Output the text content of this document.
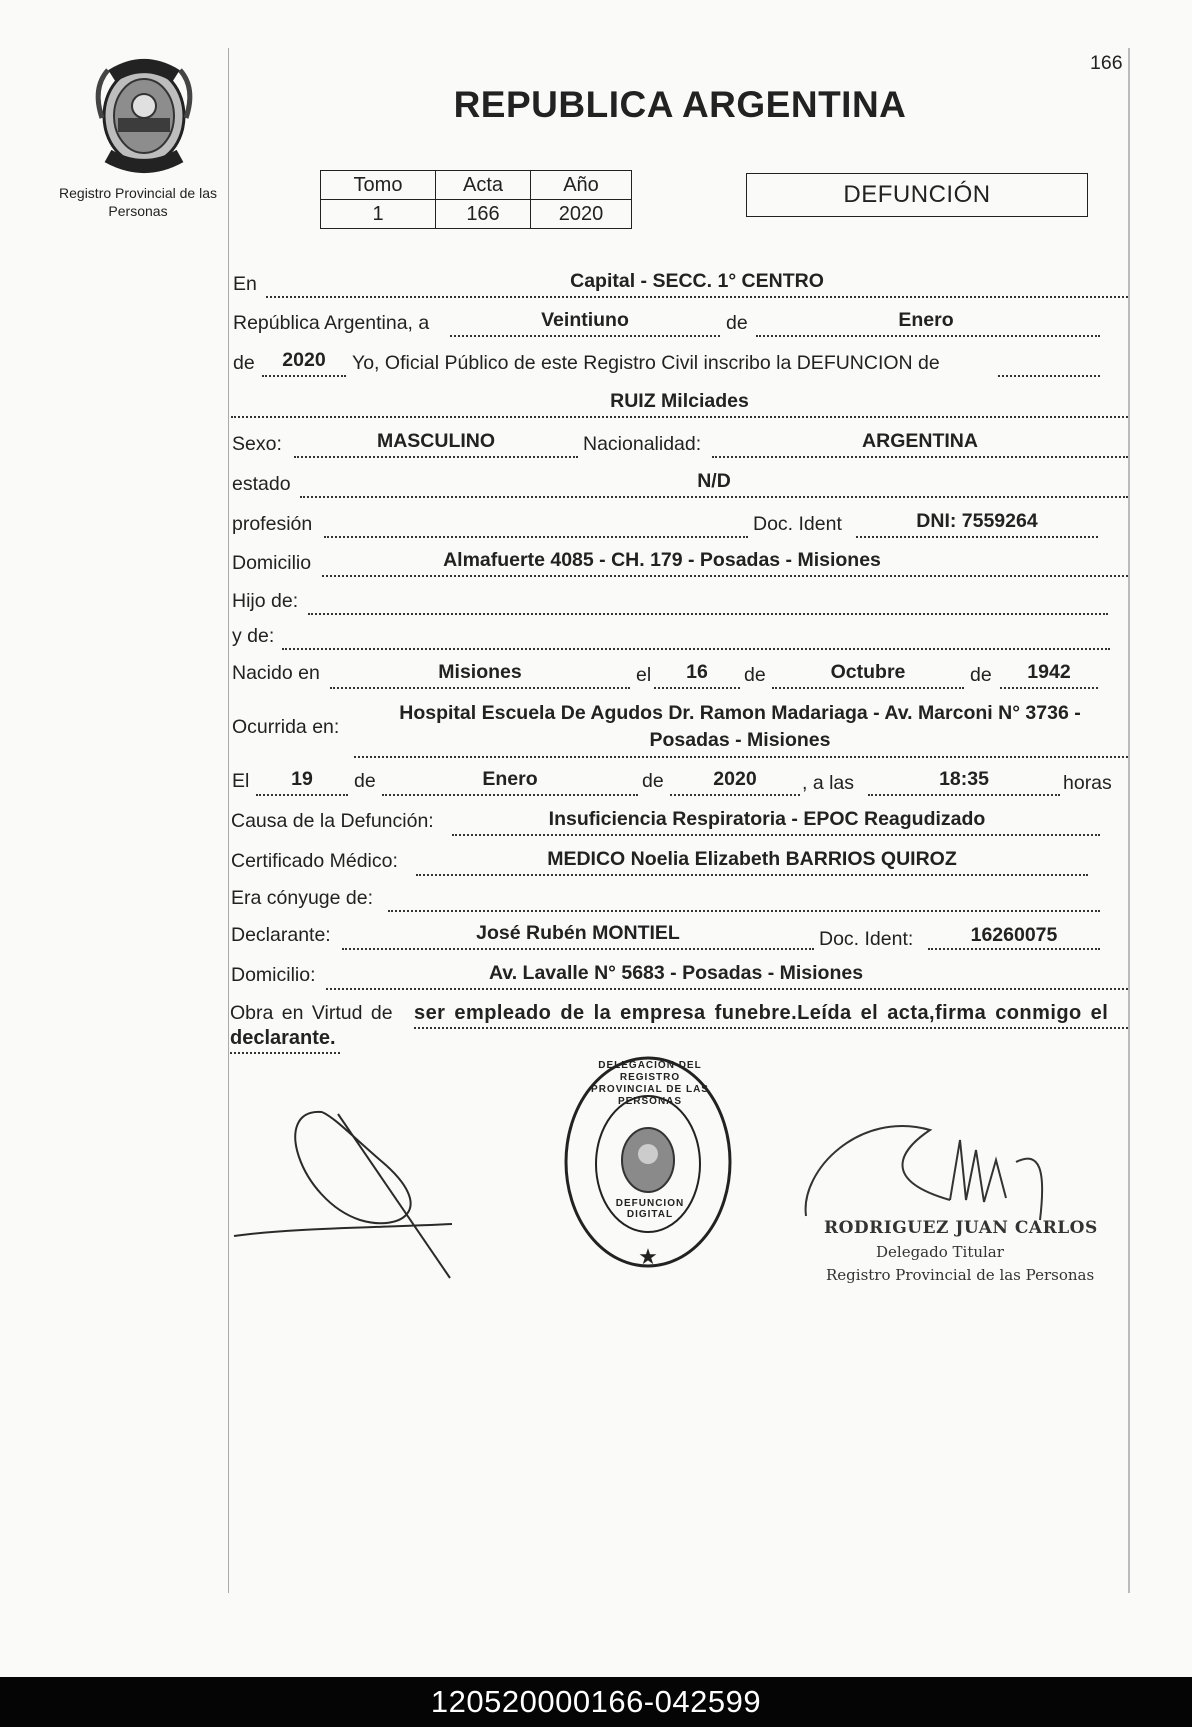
166
Registro Provincial de las Personas
REPUBLICA ARGENTINA
Tomo	Acta	Año
1	166	2020
DEFUNCIÓN
En	Capital - SECC. 1° CENTRO
República Argentina, a	Veintiuno	de	Enero
de	2020	Yo, Oficial Público de este Registro Civil inscribo la DEFUNCION de
RUIZ Milciades
Sexo:	MASCULINO	Nacionalidad:	ARGENTINA
estado	N/D
profesión	Doc. Ident	DNI: 7559264
Domicilio	Almafuerte 4085 - CH. 179 - Posadas - Misiones
Hijo de:
y de:
Nacido en	Misiones	el	16	de	Octubre	de	1942
Ocurrida en:
Hospital Escuela De Agudos Dr. Ramon Madariaga - Av. Marconi N° 3736 -
Posadas - Misiones
El	19	de	Enero	de	2020	, a las	18:35	horas
Causa de la Defunción:	Insuficiencia Respiratoria - EPOC Reagudizado
Certificado Médico:	MEDICO Noelia Elizabeth BARRIOS QUIROZ
Era cónyuge de:
Declarante:	José Rubén MONTIEL	Doc. Ident:	16260075
Domicilio:	Av. Lavalle N° 5683 - Posadas - Misiones
Obra en Virtud de ser empleado de la empresa funebre.Leída el acta,firma conmigo el
declarante.
★
DELEGACION DEL REGISTRO PROVINCIAL DE LAS PERSONAS
DEFUNCION DIGITAL
RODRIGUEZ JUAN CARLOS
Delegado Titular
Registro Provincial de las Personas
120520000166-042599
